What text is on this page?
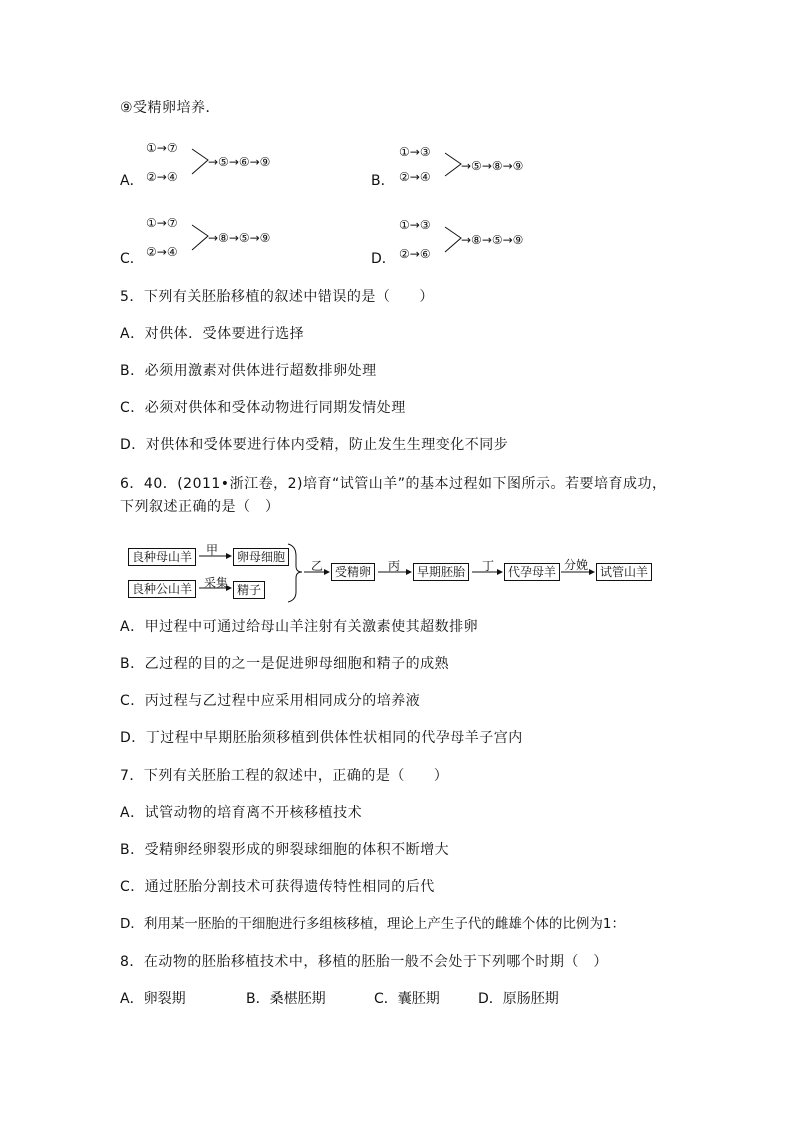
⑨受精卵培养．
A．
①→⑦
②→④
→⑤→⑥→⑨
B．
①→③
②→④
→⑤→⑧→⑨
C．
①→⑦
②→④
→⑧→⑤→⑨
D．
①→③
②→⑥
→⑧→⑤→⑨
5．下列有关胚胎移植的叙述中错误的是（　　）
A．对供体．受体要进行选择
B．必须用激素对供体进行超数排卵处理
C．必须对供体和受体动物进行同期发情处理
D．对供体和受体要进行体内受精，防止发生生理变化不同步
6．40．(2011•浙江卷，2)培育“试管山羊”的基本过程如下图所示。若要培育成功，
下列叙述正确的是（　）
良种母山羊
良种公山羊
甲
采集
卵母细胞
精子
乙 受精卵	丙	早期胚胎	丁	代孕母羊 分娩 试管山羊
A．甲过程中可通过给母山羊注射有关激素使其超数排卵
B．乙过程的目的之一是促进卵母细胞和精子的成熟
C．丙过程与乙过程中应采用相同成分的培养液
D．丁过程中早期胚胎须移植到供体性状相同的代孕母羊子宫内
7．下列有关胚胎工程的叙述中，正确的是（　　）
A．试管动物的培育离不开核移植技术
B．受精卵经卵裂形成的卵裂球细胞的体积不断增大
C．通过胚胎分割技术可获得遗传特性相同的后代
D．利用某一胚胎的干细胞进行多组核移植，理论上产生子代的雌雄个体的比例为1：
8．在动物的胚胎移植技术中，移植的胚胎一般不会处于下列哪个时期（　）
A．卵裂期	B．桑椹胚期	C．囊胚期	D．原肠胚期
